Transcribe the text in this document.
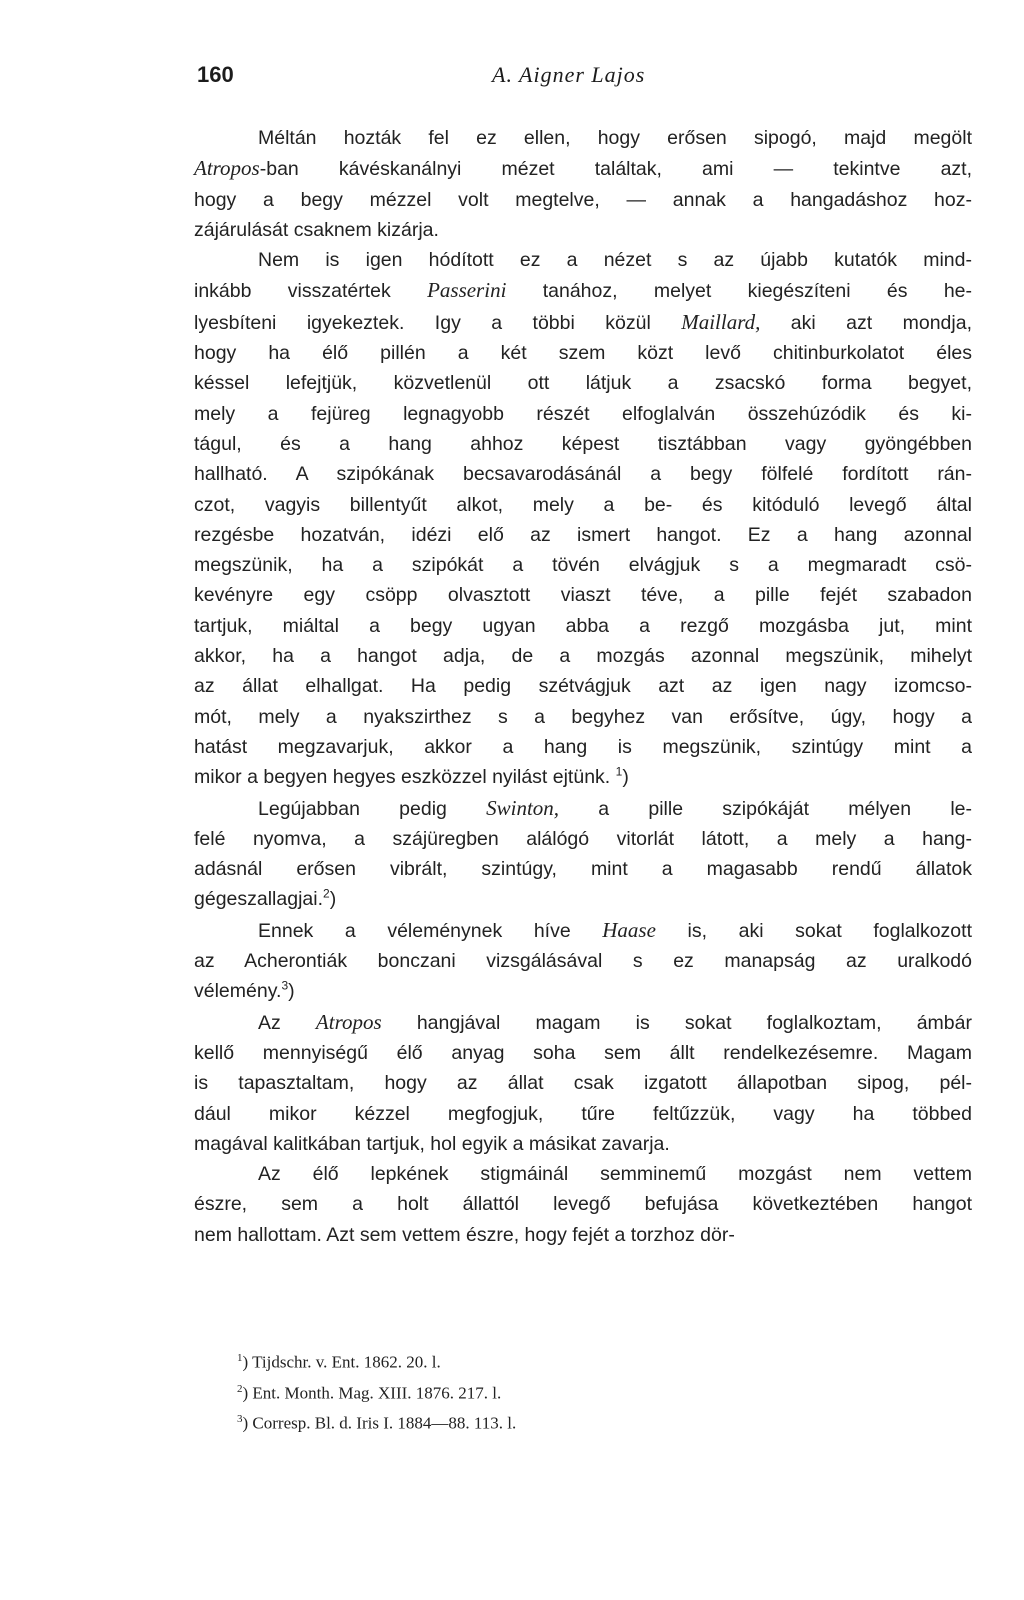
160	A. Aigner Lajos

Méltán hozták fel ez ellen, hogy erősen sipogó, majd megölt

Atropos-ban kávéskanálnyi mézet találtak, ami — tekintve azt,

hogy a begy mézzel volt megtelve, — annak a hangadáshoz hoz-

zájárulását csaknem kizárja.

Nem is igen hódított ez a nézet s az újabb kutatók mind-

inkább visszatértek Passerini tanához, melyet kiegészíteni és he-

lyesbíteni igyekeztek. Igy a többi közül Maillard, aki azt mondja,

hogy ha élő pillén a két szem közt levő chitinburkolatot éles

késsel lefejtjük, közvetlenül ott látjuk a zsacskó forma begyet,

mely a fejüreg legnagyobb részét elfoglalván összehúzódik és ki-

tágul, és a hang ahhoz képest tisztábban vagy gyöngébben

hallható. A szipókának becsavarodásánál a begy fölfelé fordított rán-

czot, vagyis billentyűt alkot, mely a be- és kitóduló levegő által

rezgésbe hozatván, idézi elő az ismert hangot. Ez a hang azonnal

megszünik, ha a szipókát a tövén elvágjuk s a megmaradt csö-

kevényre egy csöpp olvasztott viaszt téve, a pille fejét szabadon

tartjuk, miáltal a begy ugyan abba a rezgő mozgásba jut, mint

akkor, ha a hangot adja, de a mozgás azonnal megszünik, mihelyt

az állat elhallgat. Ha pedig szétvágjuk azt az igen nagy izomcso-

mót, mely a nyakszirthez s a begyhez van erősítve, úgy, hogy a

hatást megzavarjuk, akkor a hang is megszünik, szintúgy mint a

mikor a begyen hegyes eszközzel nyilást ejtünk. $^1$)

Legújabban pedig Swinton, a pille szipókáját mélyen le-

felé nyomva, a szájüregben alálógó vitorlát látott, a mely a hang-

adásnál erősen vibrált, szintúgy, mint a magasabb rendű állatok

gégeszallagjai.$^2$)

Ennek a véleménynek híve Haase is, aki sokat foglalkozott

az Acherontiák bonczani vizsgálásával s ez manapság az uralkodó

vélemény.$^3$)

Az Atropos hangjával magam is sokat foglalkoztam, ámbár

kellő mennyiségű élő anyag soha sem állt rendelkezésemre. Magam

is tapasztaltam, hogy az állat csak izgatott állapotban sipog, pél-

dául mikor kézzel megfogjuk, tűre feltűzzük, vagy ha többed

magával kalitkában tartjuk, hol egyik a másikat zavarja.

Az élő lepkének stigmáinál semminemű mozgást nem vettem

észre, sem a holt állattól levegő befujása következtében hangot

nem hallottam. Azt sem vettem észre, hogy fejét a torzhoz dör-

$^1$) Tijdschr. v. Ent. 1862. 20. l.
$^2$) Ent. Month. Mag. XIII. 1876. 217. l.
$^3$) Corresp. Bl. d. Iris I. 1884—88. 113. l.
